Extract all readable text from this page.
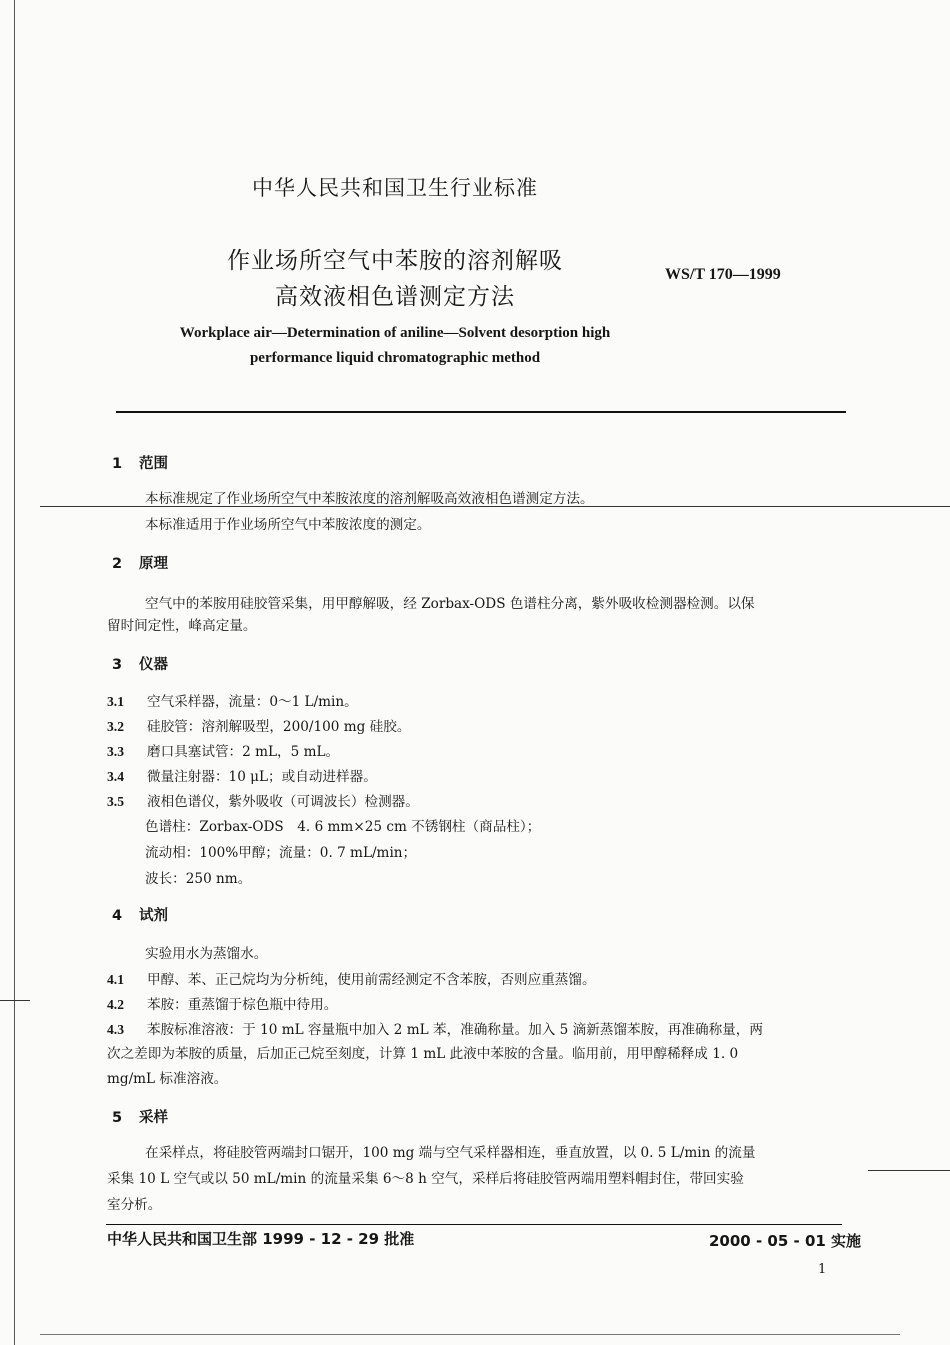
中华人民共和国卫生行业标准
作业场所空气中苯胺的溶剂解吸
高效液相色谱测定方法
WS/T 170—1999
Workplace air—Determination of aniline—Solvent desorption high
performance liquid chromatographic method
1 范围
本标准规定了作业场所空气中苯胺浓度的溶剂解吸高效液相色谱测定方法。
本标准适用于作业场所空气中苯胺浓度的测定。
2 原理
空气中的苯胺用硅胶管采集，用甲醇解吸，经 Zorbax-ODS 色谱柱分离，紫外吸收检测器检测。以保
留时间定性，峰高定量。
3 仪器
3.1 空气采样器，流量：0～1 L/min。
3.2 硅胶管：溶剂解吸型，200/100 mg 硅胶。
3.3 磨口具塞试管：2 mL，5 mL。
3.4 微量注射器：10 μL；或自动进样器。
3.5 液相色谱仪，紫外吸收（可调波长）检测器。
色谱柱：Zorbax-ODS　4. 6 mm×25 cm 不锈钢柱（商品柱）；
流动相：100%甲醇；流量：0. 7 mL/min；
波长：250 nm。
4 试剂
实验用水为蒸馏水。
4.1 甲醇、苯、正己烷均为分析纯，使用前需经测定不含苯胺，否则应重蒸馏。
4.2 苯胺：重蒸馏于棕色瓶中待用。
4.3 苯胺标准溶液：于 10 mL 容量瓶中加入 2 mL 苯，准确称量。加入 5 滴新蒸馏苯胺，再准确称量，两
次之差即为苯胺的质量，后加正己烷至刻度，计算 1 mL 此液中苯胺的含量。临用前，用甲醇稀释成 1. 0
mg/mL 标准溶液。
5 采样
在采样点，将硅胶管两端封口锯开，100 mg 端与空气采样器相连，垂直放置，以 0. 5 L/min 的流量
采集 10 L 空气或以 50 mL/min 的流量采集 6～8 h 空气，采样后将硅胶管两端用塑料帽封住，带回实验
室分析。
中华人民共和国卫生部 1999 - 12 - 29 批准	2000 - 05 - 01 实施
1
